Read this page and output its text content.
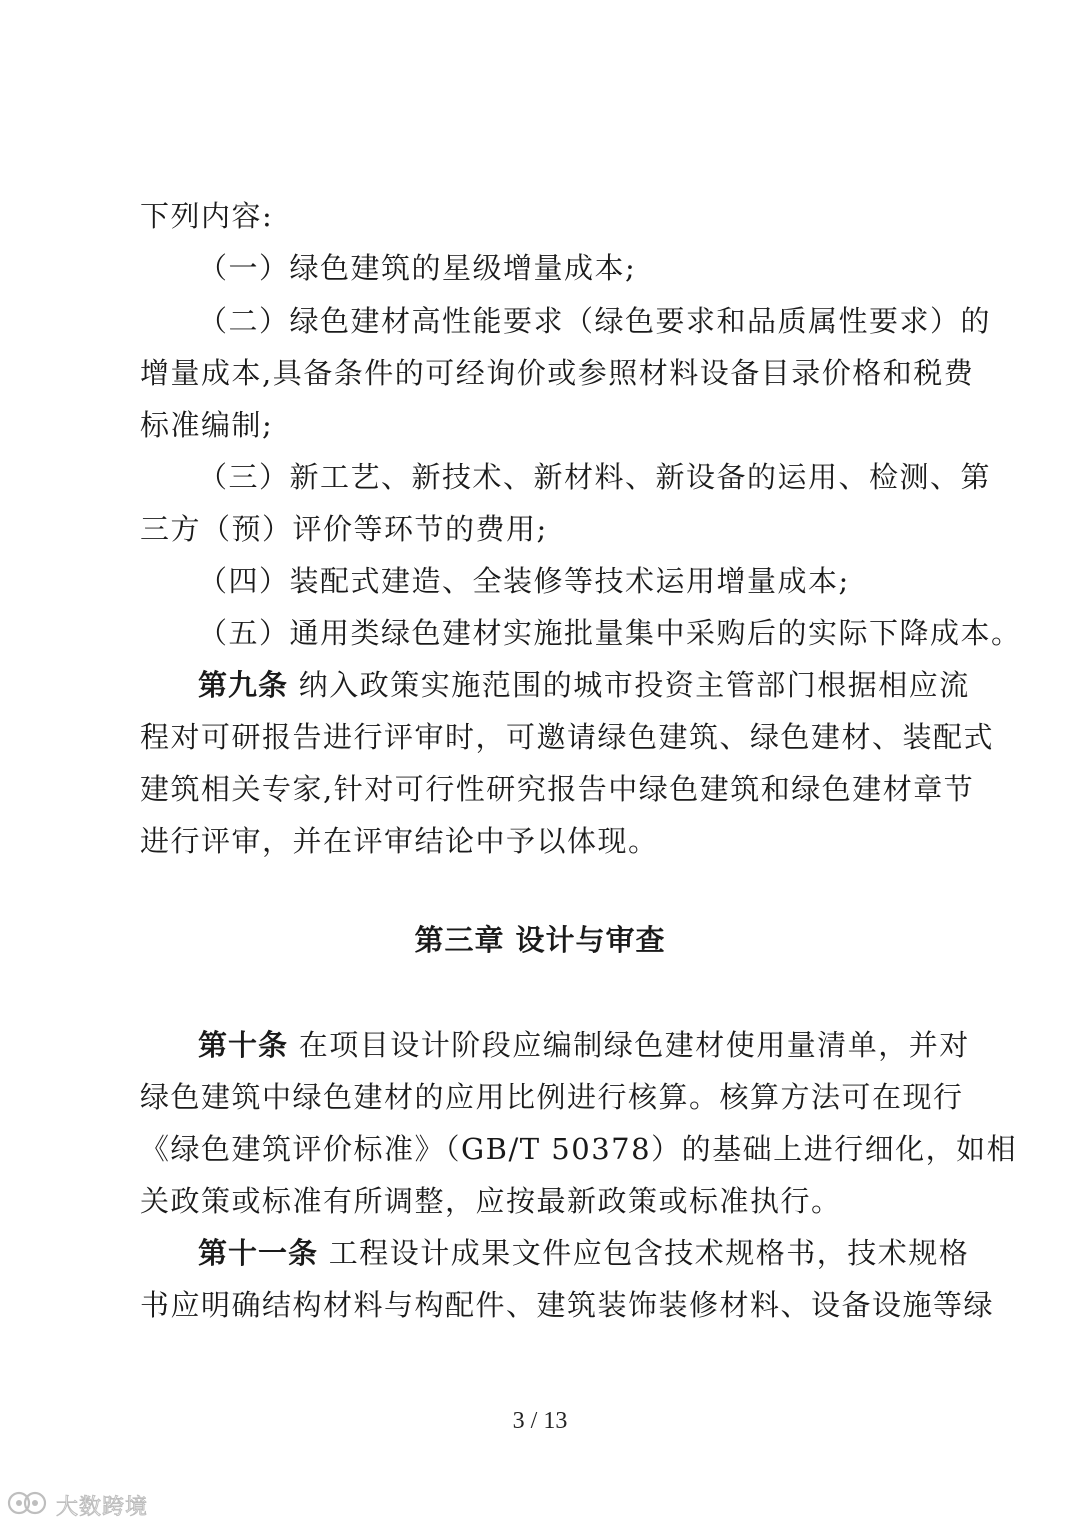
下列内容:
（一）绿色建筑的星级增量成本;
（二）绿色建材高性能要求（绿色要求和品质属性要求）的
增量成本,具备条件的可经询价或参照材料设备目录价格和税费
标准编制;
（三）新工艺、新技术、新材料、新设备的运用、检测、第
三方（预）评价等环节的费用;
（四）装配式建造、全装修等技术运用增量成本;
（五）通用类绿色建材实施批量集中采购后的实际下降成本。
第九条 纳入政策实施范围的城市投资主管部门根据相应流
程对可研报告进行评审时，可邀请绿色建筑、绿色建材、装配式
建筑相关专家,针对可行性研究报告中绿色建筑和绿色建材章节
进行评审，并在评审结论中予以体现。
第三章 设计与审查
第十条 在项目设计阶段应编制绿色建材使用量清单，并对
绿色建筑中绿色建材的应用比例进行核算。核算方法可在现行
《绿色建筑评价标准》（GB/T 50378）的基础上进行细化，如相
关政策或标准有所调整，应按最新政策或标准执行。
第十一条 工程设计成果文件应包含技术规格书，技术规格
书应明确结构材料与构配件、建筑装饰装修材料、设备设施等绿
3 / 13
大数跨境
